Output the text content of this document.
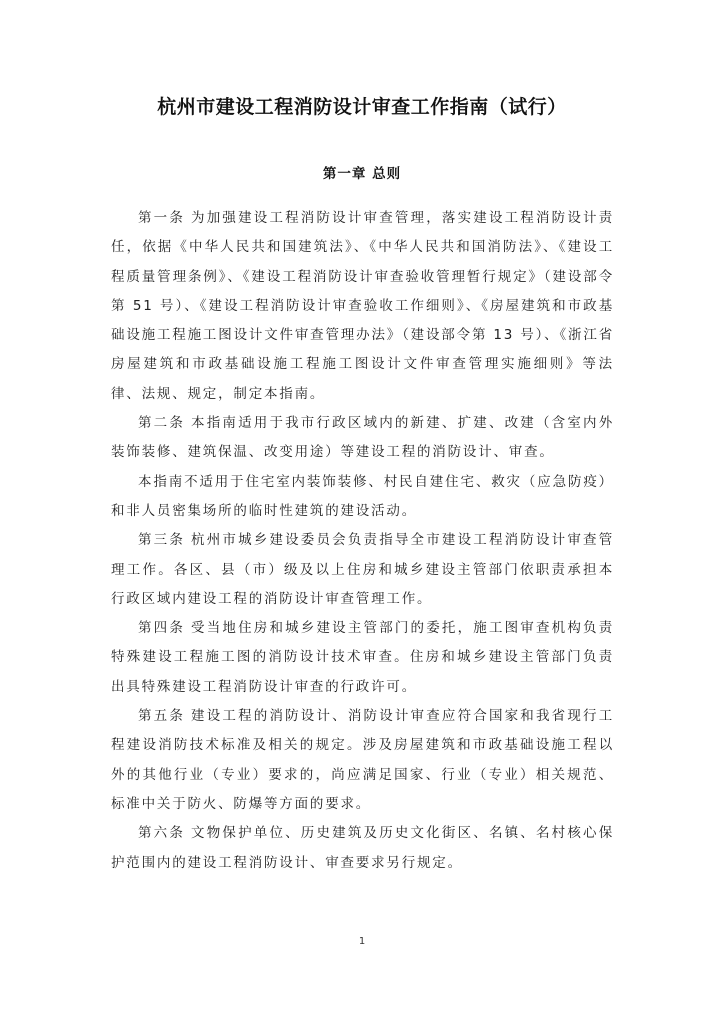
杭州市建设工程消防设计审查工作指南（试行）
第一章 总则

第一条 为加强建设工程消防设计审查管理，落实建设工程消防设计责任，依据《中华人民共和国建筑法》、《中华人民共和国消防法》、《建设工程质量管理条例》、《建设工程消防设计审查验收管理暂行规定》（建设部令第 51 号）、《建设工程消防设计审查验收工作细则》、《房屋建筑和市政基础设施工程施工图设计文件审查管理办法》（建设部令第 13 号）、《浙江省房屋建筑和市政基础设施工程施工图设计文件审查管理实施细则》等法律、法规、规定，制定本指南。

第二条 本指南适用于我市行政区域内的新建、扩建、改建（含室内外装饰装修、建筑保温、改变用途）等建设工程的消防设计、审查。

本指南不适用于住宅室内装饰装修、村民自建住宅、救灾（应急防疫）和非人员密集场所的临时性建筑的建设活动。

第三条 杭州市城乡建设委员会负责指导全市建设工程消防设计审查管理工作。各区、县（市）级及以上住房和城乡建设主管部门依职责承担本行政区域内建设工程的消防设计审查管理工作。

第四条 受当地住房和城乡建设主管部门的委托，施工图审查机构负责特殊建设工程施工图的消防设计技术审查。住房和城乡建设主管部门负责出具特殊建设工程消防设计审查的行政许可。

第五条 建设工程的消防设计、消防设计审查应符合国家和我省现行工程建设消防技术标准及相关的规定。涉及房屋建筑和市政基础设施工程以外的其他行业（专业）要求的，尚应满足国家、行业（专业）相关规范、标准中关于防火、防爆等方面的要求。

第六条 文物保护单位、历史建筑及历史文化街区、名镇、名村核心保护范围内的建设工程消防设计、审查要求另行规定。

1
